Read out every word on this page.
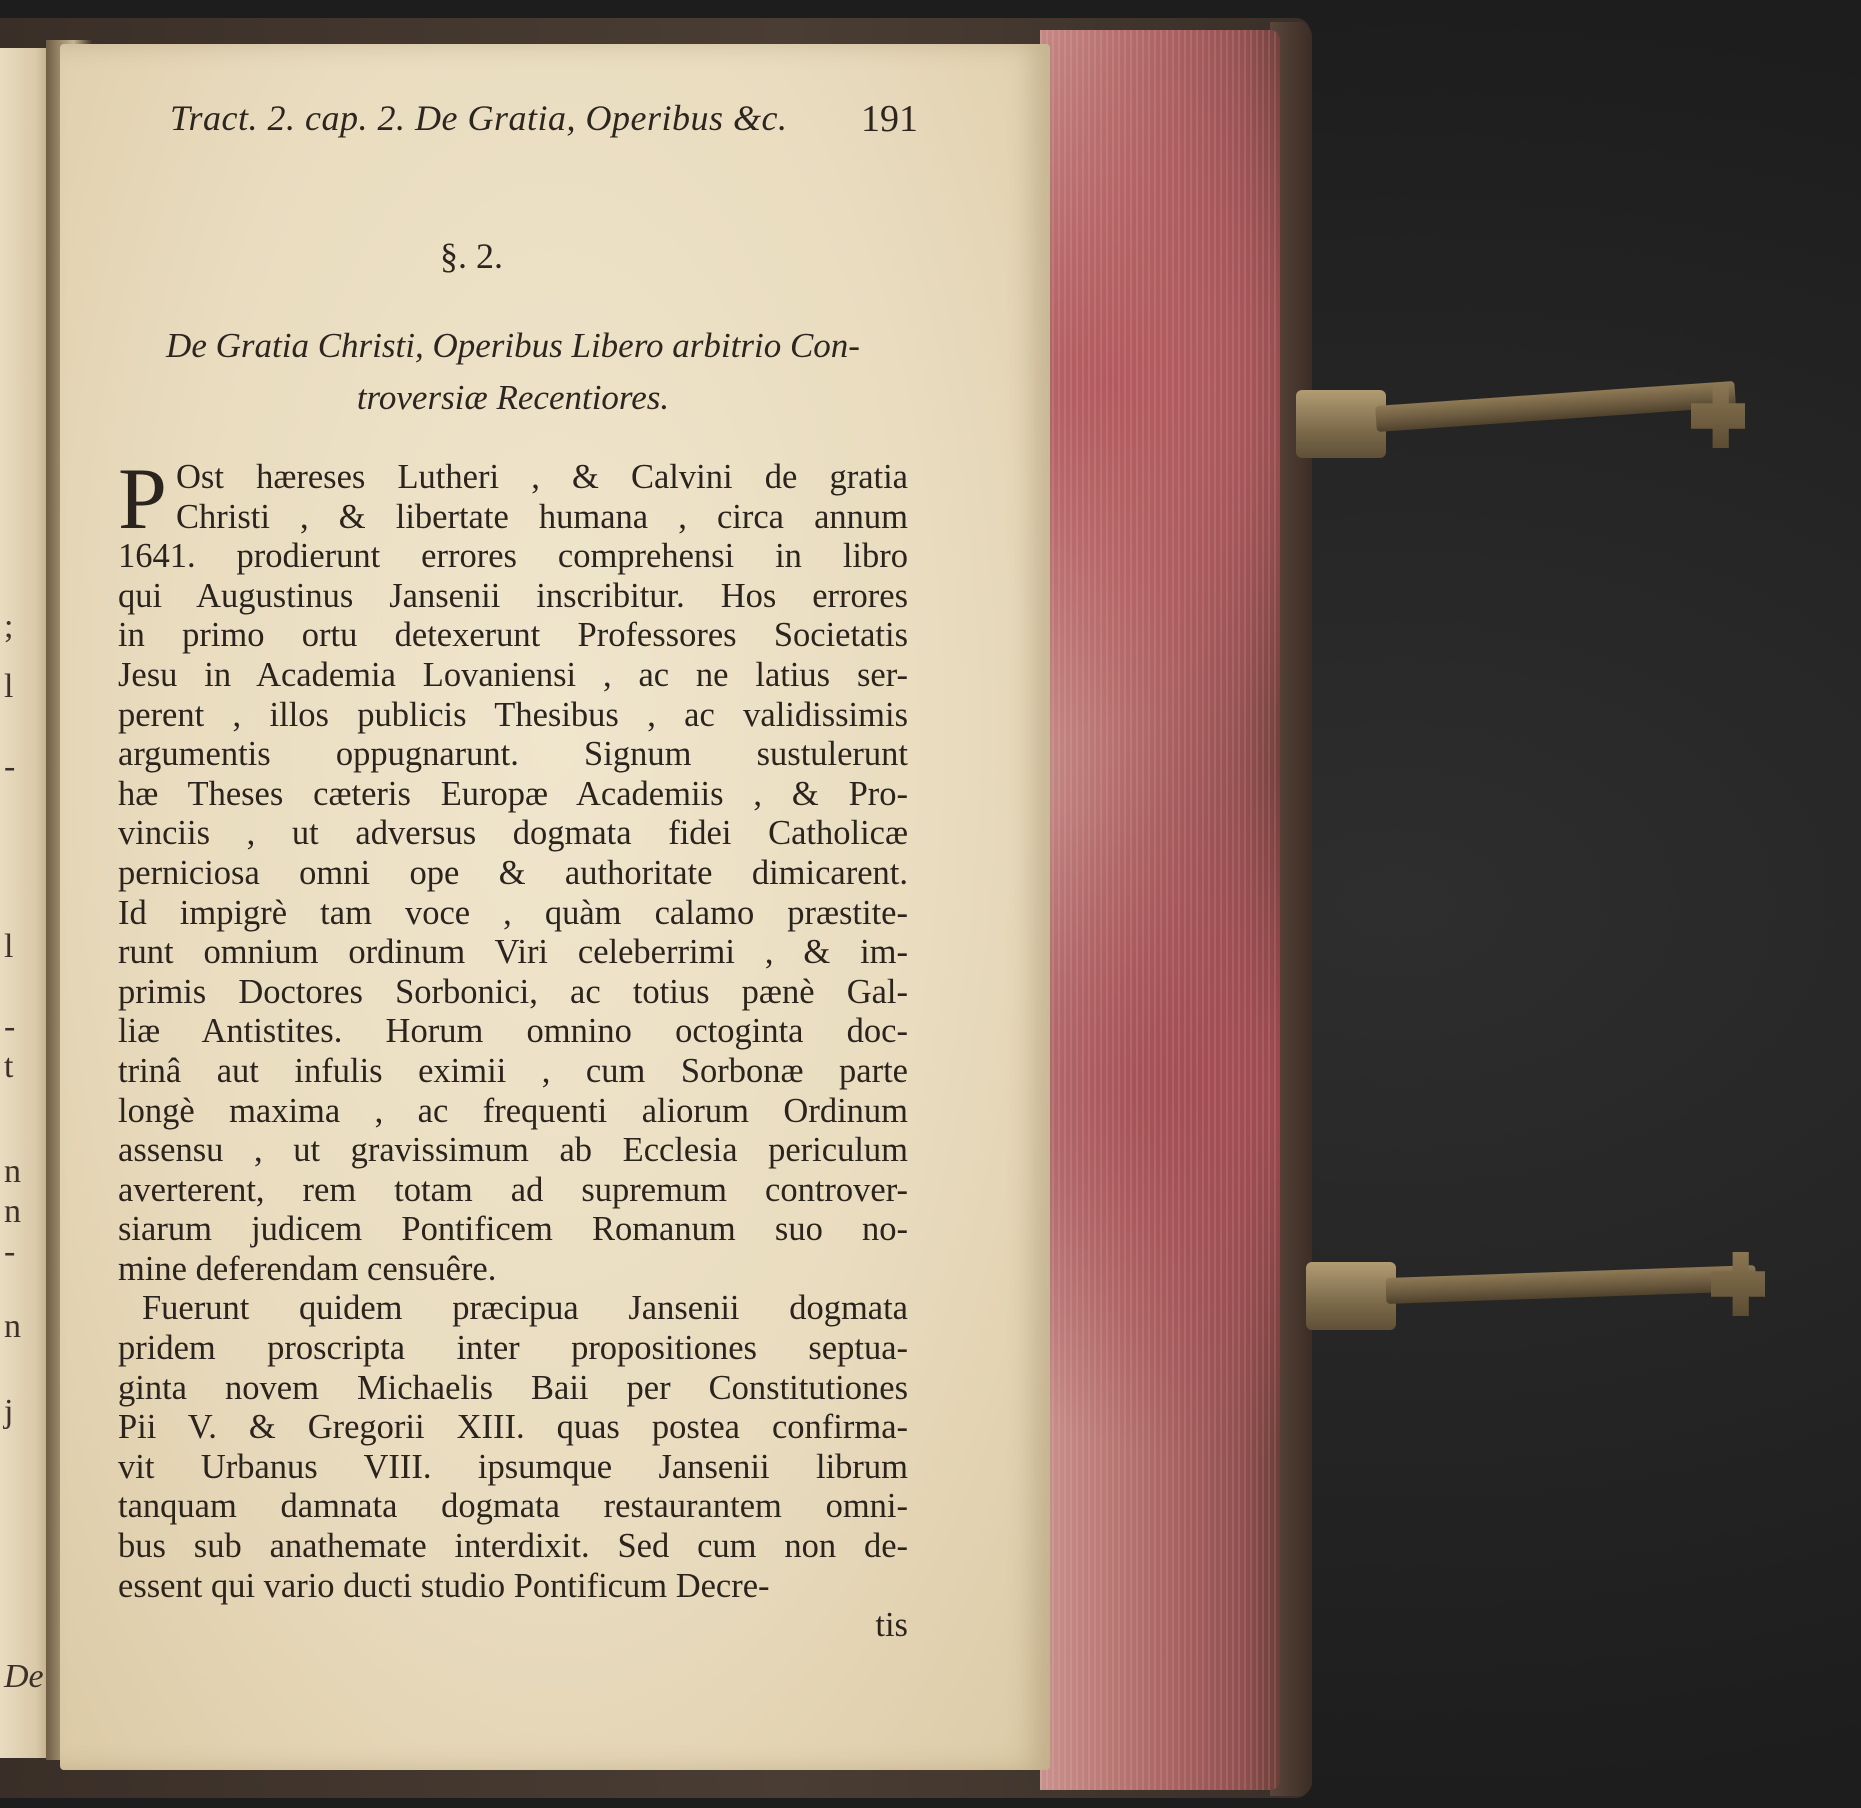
;
l
-
l
-
t
n
n
-
n
j
De
Tract. 2. cap. 2. De Gratia, Operibus &c. 191
§. 2.
De Gratia Christi, Operibus Libero arbitrio Con-
troversiæ Recentiores.
P Ost hæreses Lutheri , & Calvini de gratia
Christi , & libertate humana , circa annum
1641. prodierunt errores comprehensi in libro
qui Augustinus Jansenii inscribitur. Hos errores
in primo ortu detexerunt Professores Societatis
Jesu in Academia Lovaniensi , ac ne latius ser-
perent , illos publicis Thesibus , ac validissimis
argumentis oppugnarunt. Signum sustulerunt
hæ Theses cæteris Europæ Academiis , & Pro-
vinciis , ut adversus dogmata fidei Catholicæ
perniciosa omni ope & authoritate dimicarent.
Id impigrè tam voce , quàm calamo præstite-
runt omnium ordinum Viri celeberrimi , & im-
primis Doctores Sorbonici, ac totius pænè Gal-
liæ Antistites. Horum omnino octoginta doc-
trinâ aut infulis eximii , cum Sorbonæ parte
longè maxima , ac frequenti aliorum Ordinum
assensu , ut gravissimum ab Ecclesia periculum
averterent, rem totam ad supremum controver-
siarum judicem Pontificem Romanum suo no-
mine deferendam censuêre.
Fuerunt quidem præcipua Jansenii dogmata
pridem proscripta inter propositiones septua-
ginta novem Michaelis Baii per Constitutiones
Pii V. & Gregorii XIII. quas postea confirma-
vit Urbanus VIII. ipsumque Jansenii librum
tanquam damnata dogmata restaurantem omni-
bus sub anathemate interdixit. Sed cum non de-
essent qui vario ducti studio Pontificum Decre-
tis
